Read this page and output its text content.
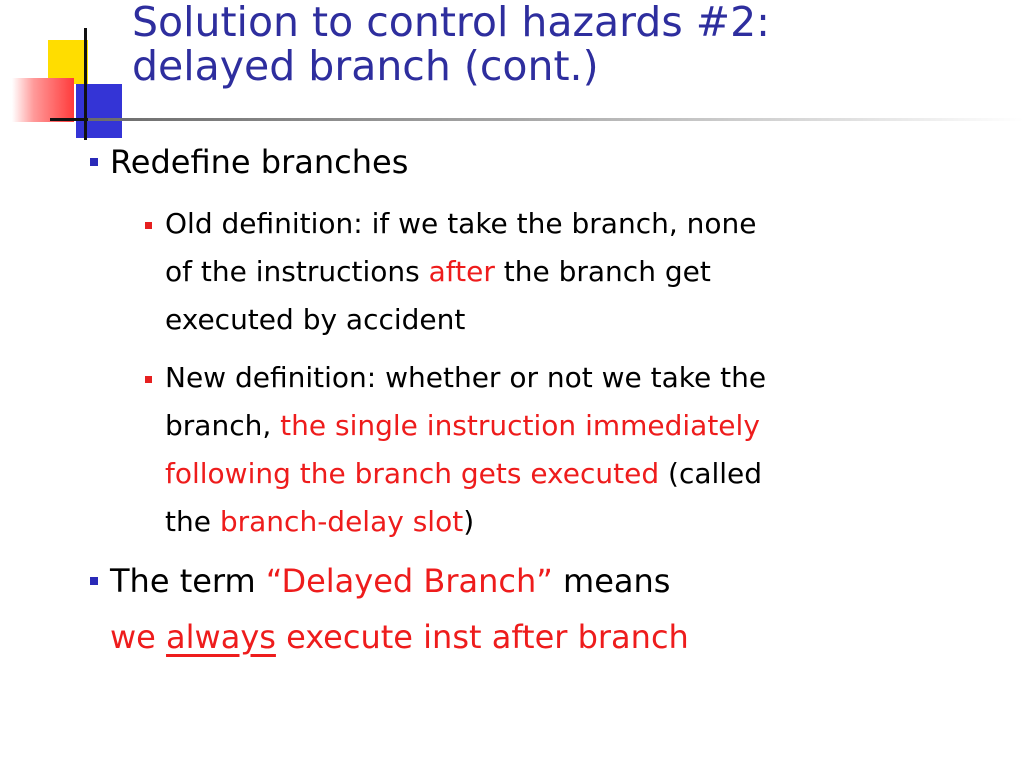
Solution to control hazards #2:
delayed branch (cont.)
Redefine branches
Old definition: if we take the branch, none
of the instructions after the branch get
executed by accident
New definition: whether or not we take the
branch, the single instruction immediately
following the branch gets executed (called
the branch-delay slot)
The term “Delayed Branch” means
we always execute inst after branch
